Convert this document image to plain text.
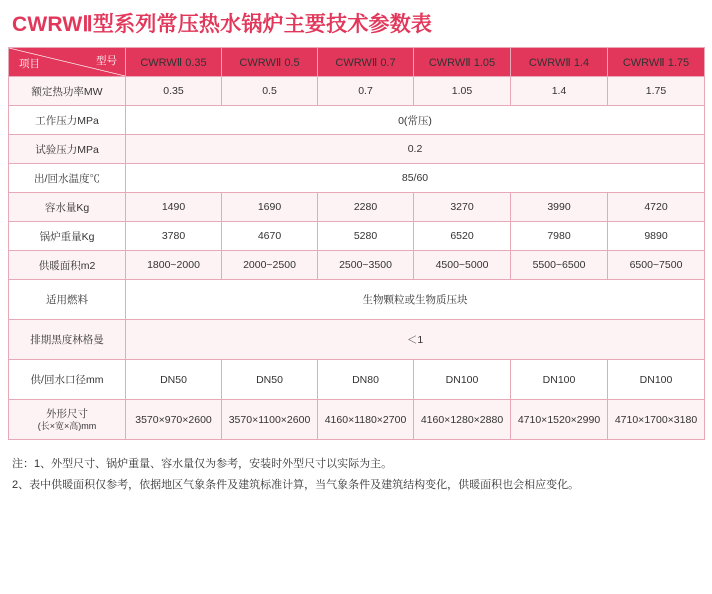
CWRWⅡ型系列常压热水锅炉主要技术参数表
型号
项目	CWRWⅡ 0.35	CWRWⅡ 0.5	CWRWⅡ 0.7	CWRWⅡ 1.05	CWRWⅡ 1.4	CWRWⅡ 1.75
额定热功率MW	0.35	0.5	0.7	1.05	1.4	1.75
工作压力MPa	0(常压)					
试验压力MPa	0.2					
出/回水温度℃	85/60					
容水量Kg	1490	1690	2280	3270	3990	4720
锅炉重量Kg	3780	4670	5280	6520	7980	9890
供暖面积m2	1800~2000	2000~2500	2500~3500	4500~5000	5500~6500	6500~7500
适用燃料	生物颗粒或生物质压块					
排期黑度林格曼	＜1					
供/回水口径mm	DN50	DN50	DN80	DN100	DN100	DN100

外形尺寸
(长×宽×高)mm	3570×970×2600	3570×1100×2600	4160×1180×2700	4160×1280×2880	4710×1520×2990	4710×1700×3180
注：1、外型尺寸、锅炉重量、容水量仅为参考，安装时外型尺寸以实际为主。
2、表中供暖面积仅参考，依据地区气象条件及建筑标准计算，当气象条件及建筑结构变化，供暖面积也会相应变化。
